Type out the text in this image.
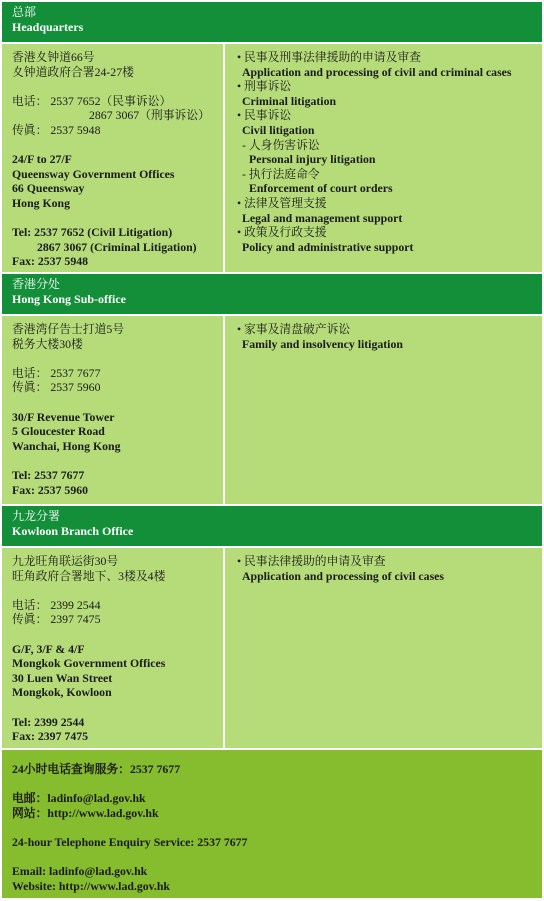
总部
Headquarters
香港夊钟道66号
夊钟道政府合署24-27楼
电话： 2537 7652（民事诉讼）
2867 3067（刑事诉讼）
传眞： 2537 5948
24/F to 27/F
Queensway Government Offices
66 Queensway
Hong Kong
Tel: 2537 7652 (Civil Litigation)
2867 3067 (Criminal Litigation)
Fax: 2537 5948
• 民事及刑事法律援助的申请及审查
Application and processing of civil and criminal cases
• 刑事诉讼
Criminal litigation
• 民事诉讼
Civil litigation
- 人身伤害诉讼
Personal injury litigation
- 执行法庭命令
Enforcement of court orders
• 法律及管理支援
Legal and management support
• 政策及行政支援
Policy and administrative support
香港分处
Hong Kong Sub-office
香港湾仔告士打道5号
税务大楼30楼
电话： 2537 7677
传眞： 2537 5960
30/F Revenue Tower
5 Gloucester Road
Wanchai, Hong Kong
Tel: 2537 7677
Fax: 2537 5960
• 家事及清盘破产诉讼
Family and insolvency litigation
九龙分署
Kowloon Branch Office
九龙旺角联运街30号
旺角政府合署地下、3楼及4楼
电话： 2399 2544
传眞： 2397 7475
G/F, 3/F & 4/F
Mongkok Government Offices
30 Luen Wan Street
Mongkok, Kowloon
Tel: 2399 2544
Fax: 2397 7475
• 民事法律援助的申请及审查
Application and processing of civil cases
24小时电话查询服务：2537 7677
电邮：ladinfo@lad.gov.hk
网站：http://www.lad.gov.hk
24-hour Telephone Enquiry Service: 2537 7677
Email: ladinfo@lad.gov.hk
Website: http://www.lad.gov.hk
